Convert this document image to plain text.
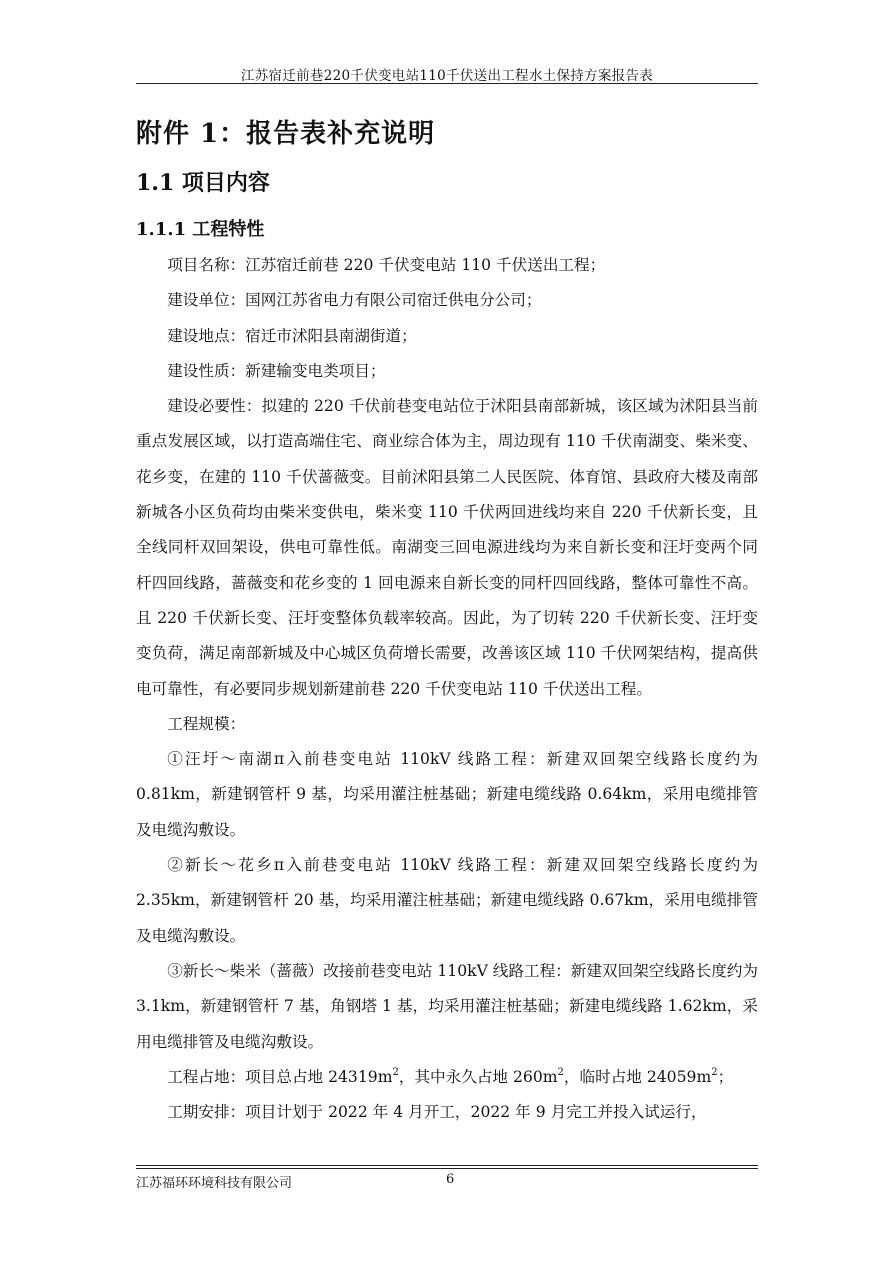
江苏宿迁前巷220千伏变电站110千伏送出工程水土保持方案报告表
附件 1：报告表补充说明
1.1 项目内容
1.1.1 工程特性

项目名称：江苏宿迁前巷 220 千伏变电站 110 千伏送出工程；

建设单位：国网江苏省电力有限公司宿迁供电分公司；

建设地点：宿迁市沭阳县南湖街道；

建设性质：新建输变电类项目；

建设必要性：拟建的 220 千伏前巷变电站位于沭阳县南部新城，该区域为沭阳县当前重点发展区域，以打造高端住宅、商业综合体为主，周边现有 110 千伏南湖变、柴米变、花乡变，在建的 110 千伏蔷薇变。目前沭阳县第二人民医院、体育馆、县政府大楼及南部新城各小区负荷均由柴米变供电，柴米变 110 千伏两回进线均来自 220 千伏新长变，且全线同杆双回架设，供电可靠性低。南湖变三回电源进线均为来自新长变和汪圩变两个同杆四回线路，蔷薇变和花乡变的 1 回电源来自新长变的同杆四回线路，整体可靠性不高。且 220 千伏新长变、汪圩变整体负载率较高。因此，为了切转 220 千伏新长变、汪圩变变负荷，满足南部新城及中心城区负荷增长需要，改善该区域 110 千伏网架结构，提高供电可靠性，有必要同步规划新建前巷 220 千伏变电站 110 千伏送出工程。

工程规模：

①汪圩～南湖π入前巷变电站 110kV 线路工程：新建双回架空线路长度约为 0.81km，新建钢管杆 9 基，均采用灌注桩基础；新建电缆线路 0.64km，采用电缆排管及电缆沟敷设。

②新长～花乡π入前巷变电站 110kV 线路工程：新建双回架空线路长度约为 2.35km，新建钢管杆 20 基，均采用灌注桩基础；新建电缆线路 0.67km，采用电缆排管及电缆沟敷设。

③新长～柴米（蔷薇）改接前巷变电站 110kV 线路工程：新建双回架空线路长度约为 3.1km，新建钢管杆 7 基，角钢塔 1 基，均采用灌注桩基础；新建电缆线路 1.62km，采用电缆排管及电缆沟敷设。

工程占地：项目总占地 $24319m^2$，其中永久占地 $260m^2$，临时占地 $24059m^2$；

工期安排：项目计划于 2022 年 4 月开工，2022 年 9 月完工并投入试运行，

江苏福环环境科技有限公司	6
